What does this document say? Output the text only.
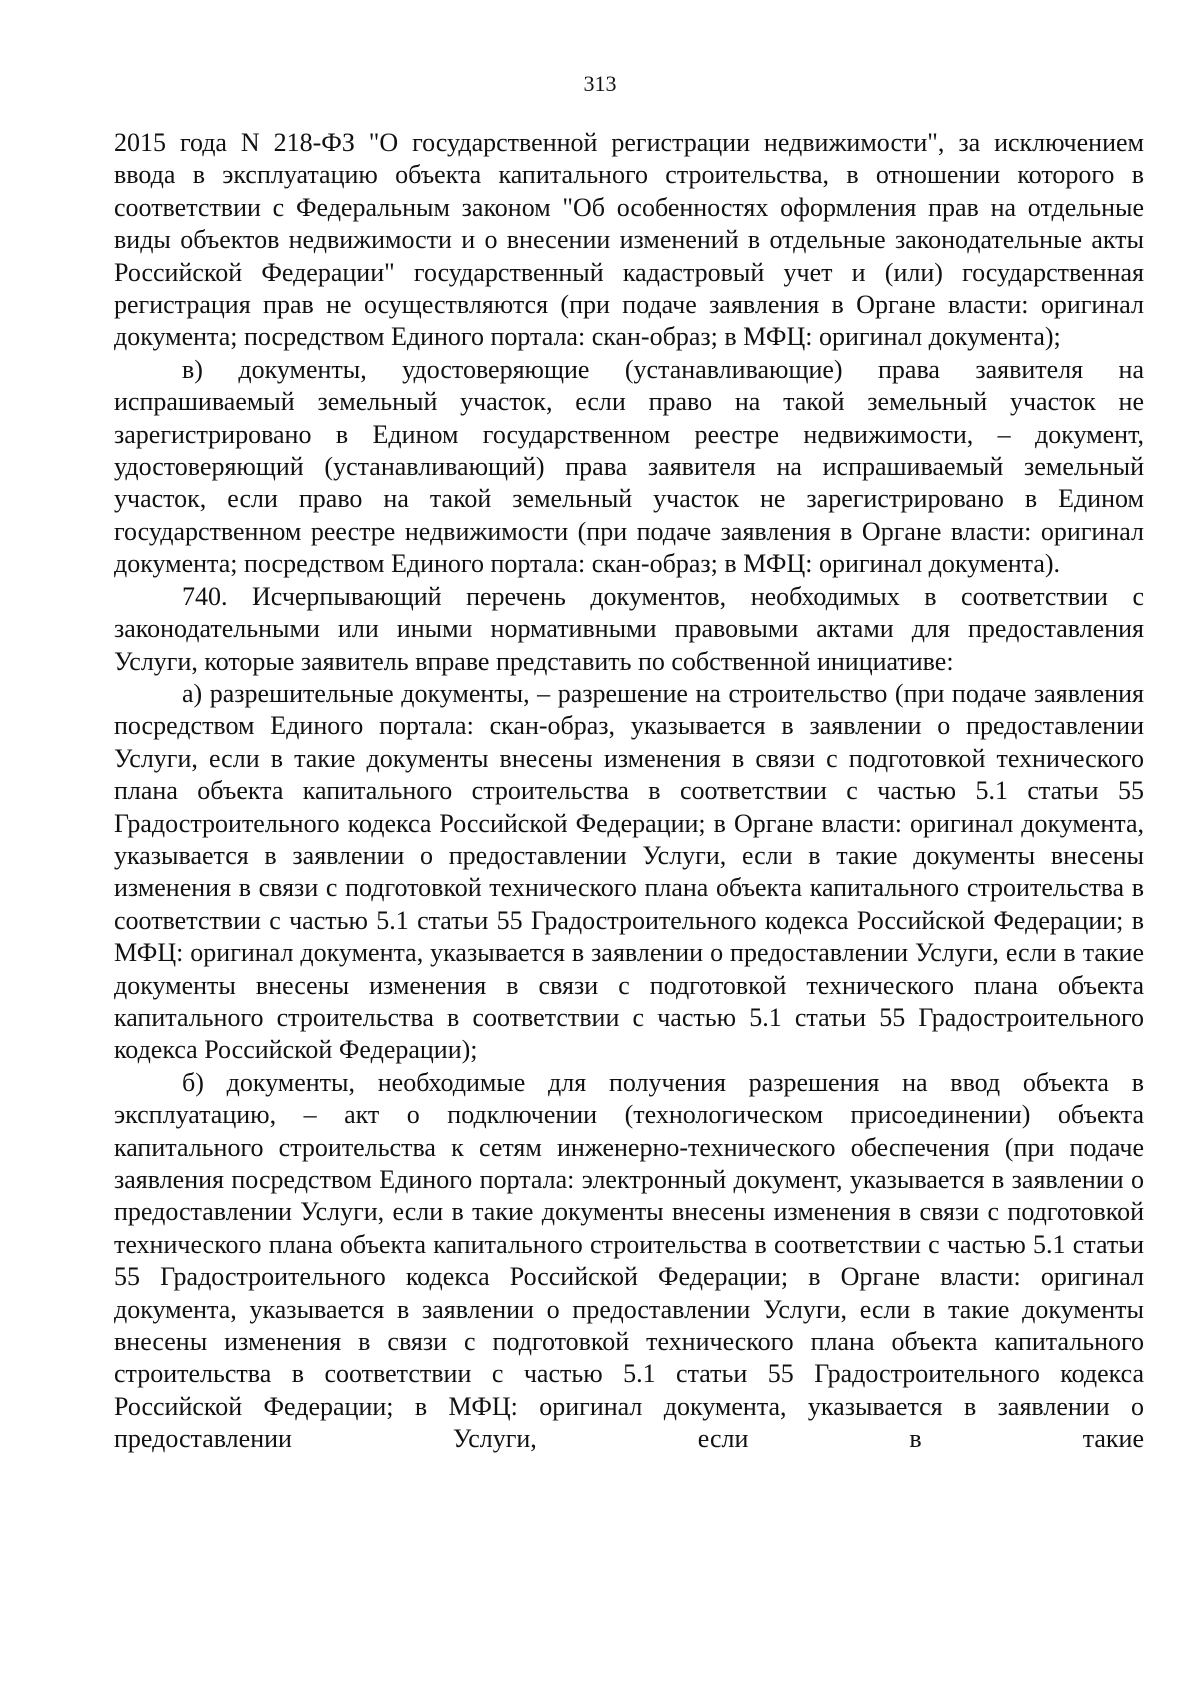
313

2015 года N 218-ФЗ "О государственной регистрации недвижимости", за исключением ввода в эксплуатацию объекта капитального строительства, в отношении которого в соответствии с Федеральным законом "Об особенностях оформления прав на отдельные виды объектов недвижимости и о внесении изменений в отдельные законодательные акты Российской Федерации" государственный кадастровый учет и (или) государственная регистрация прав не осуществляются (при подаче заявления в Органе власти: оригинал документа; посредством Единого портала: скан-образ; в МФЦ: оригинал документа);

в) документы, удостоверяющие (устанавливающие) права заявителя на испрашиваемый земельный участок, если право на такой земельный участок не зарегистрировано в Едином государственном реестре недвижимости, – документ, удостоверяющий (устанавливающий) права заявителя на испрашиваемый земельный участок, если право на такой земельный участок не зарегистрировано в Едином государственном реестре недвижимости (при подаче заявления в Органе власти: оригинал документа; посредством Единого портала: скан-образ; в МФЦ: оригинал документа).

740. Исчерпывающий перечень документов, необходимых в соответствии с законодательными или иными нормативными правовыми актами для предоставления Услуги, которые заявитель вправе представить по собственной инициативе:

а) разрешительные документы, – разрешение на строительство (при подаче заявления посредством Единого портала: скан-образ, указывается в заявлении о предоставлении Услуги, если в такие документы внесены изменения в связи с подготовкой технического плана объекта капитального строительства в соответствии с частью 5.1 статьи 55 Градостроительного кодекса Российской Федерации; в Органе власти: оригинал документа, указывается в заявлении о предоставлении Услуги, если в такие документы внесены изменения в связи с подготовкой технического плана объекта капитального строительства в соответствии с частью 5.1 статьи 55 Градостроительного кодекса Российской Федерации; в МФЦ: оригинал документа, указывается в заявлении о предоставлении Услуги, если в такие документы внесены изменения в связи с подготовкой технического плана объекта капитального строительства в соответствии с частью 5.1 статьи 55 Градостроительного кодекса Российской Федерации);

б) документы, необходимые для получения разрешения на ввод объекта в эксплуатацию, – акт о подключении (технологическом присоединении) объекта капитального строительства к сетям инженерно-технического обеспечения (при подаче заявления посредством Единого портала: электронный документ, указывается в заявлении о предоставлении Услуги, если в такие документы внесены изменения в связи с подготовкой технического плана объекта капитального строительства в соответствии с частью 5.1 статьи 55 Градостроительного кодекса Российской Федерации; в Органе власти: оригинал документа, указывается в заявлении о предоставлении Услуги, если в такие документы внесены изменения в связи с подготовкой технического плана объекта капитального строительства в соответствии с частью 5.1 статьи 55 Градостроительного кодекса Российской Федерации; в МФЦ: оригинал документа, указывается в заявлении о предоставлении Услуги, если в такие
